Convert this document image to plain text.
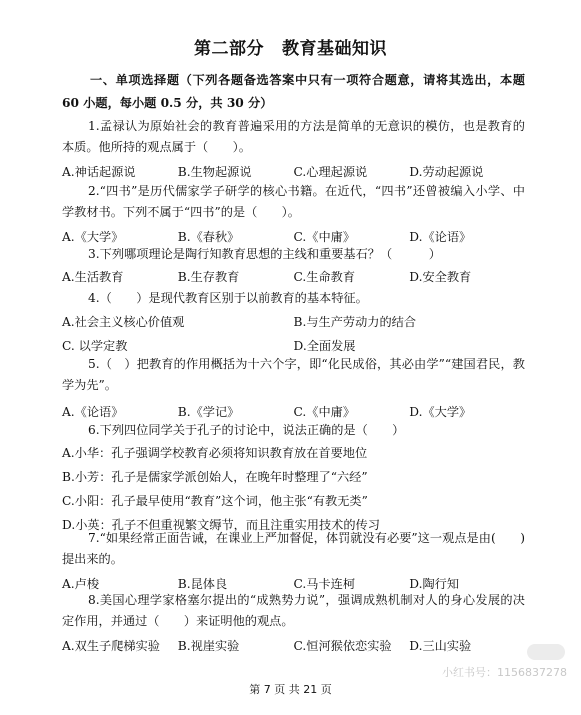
第二部分 教育基础知识
一、单项选择题（下列各题备选答案中只有一项符合题意，请将其选出，本题 60 小题，每小题 0.5 分，共 30 分）
1.孟禄认为原始社会的教育普遍采用的方法是简单的无意识的模仿，也是教育的本质。他所持的观点属于（　　）。
A.神话起源说	B.生物起源说	C.心理起源说	D.劳动起源说
2.“四书”是历代儒家学子研学的核心书籍。在近代，“四书”还曾被编入小学、中学教材书。下列不属于“四书”的是（　　）。
A.《大学》	B.《春秋》	C.《中庸》	D.《论语》
3.下列哪项理论是陶行知教育思想的主线和重要基石？（　　　）
A.生活教育	B.生存教育	C.生命教育	D.安全教育
4.（　　）是现代教育区别于以前教育的基本特征。
A.社会主义核心价值观	B.与生产劳动力的结合
C. 以学定教	D.全面发展
5.（　）把教育的作用概括为十六个字，即“化民成俗，其必由学”“建国君民，教学为先”。
A.《论语》	B.《学记》	C.《中庸》	D.《大学》
6.下列四位同学关于孔子的讨论中，说法正确的是（　　）
A.小华：孔子强调学校教育必须将知识教育放在首要地位
B.小芳：孔子是儒家学派创始人，在晚年时整理了“六经”
C.小阳：孔子最早使用“教育”这个词，他主张“有教无类”
D.小英：孔子不但重视繁文缛节，而且注重实用技术的传习
7.“如果经常正面告诫，在课业上严加督促，体罚就没有必要”这一观点是由(　　)提出来的。
A.卢梭	B.昆体良	C.马卡连柯	D.陶行知
8.美国心理学家格塞尔提出的“成熟势力说”，强调成熟机制对人的身心发展的决定作用，并通过（　　）来证明他的观点。
A.双生子爬梯实验	B.视崖实验	C.恒河猴依恋实验	D.三山实验
小红书号：1156837278
第 7 页 共 21 页
